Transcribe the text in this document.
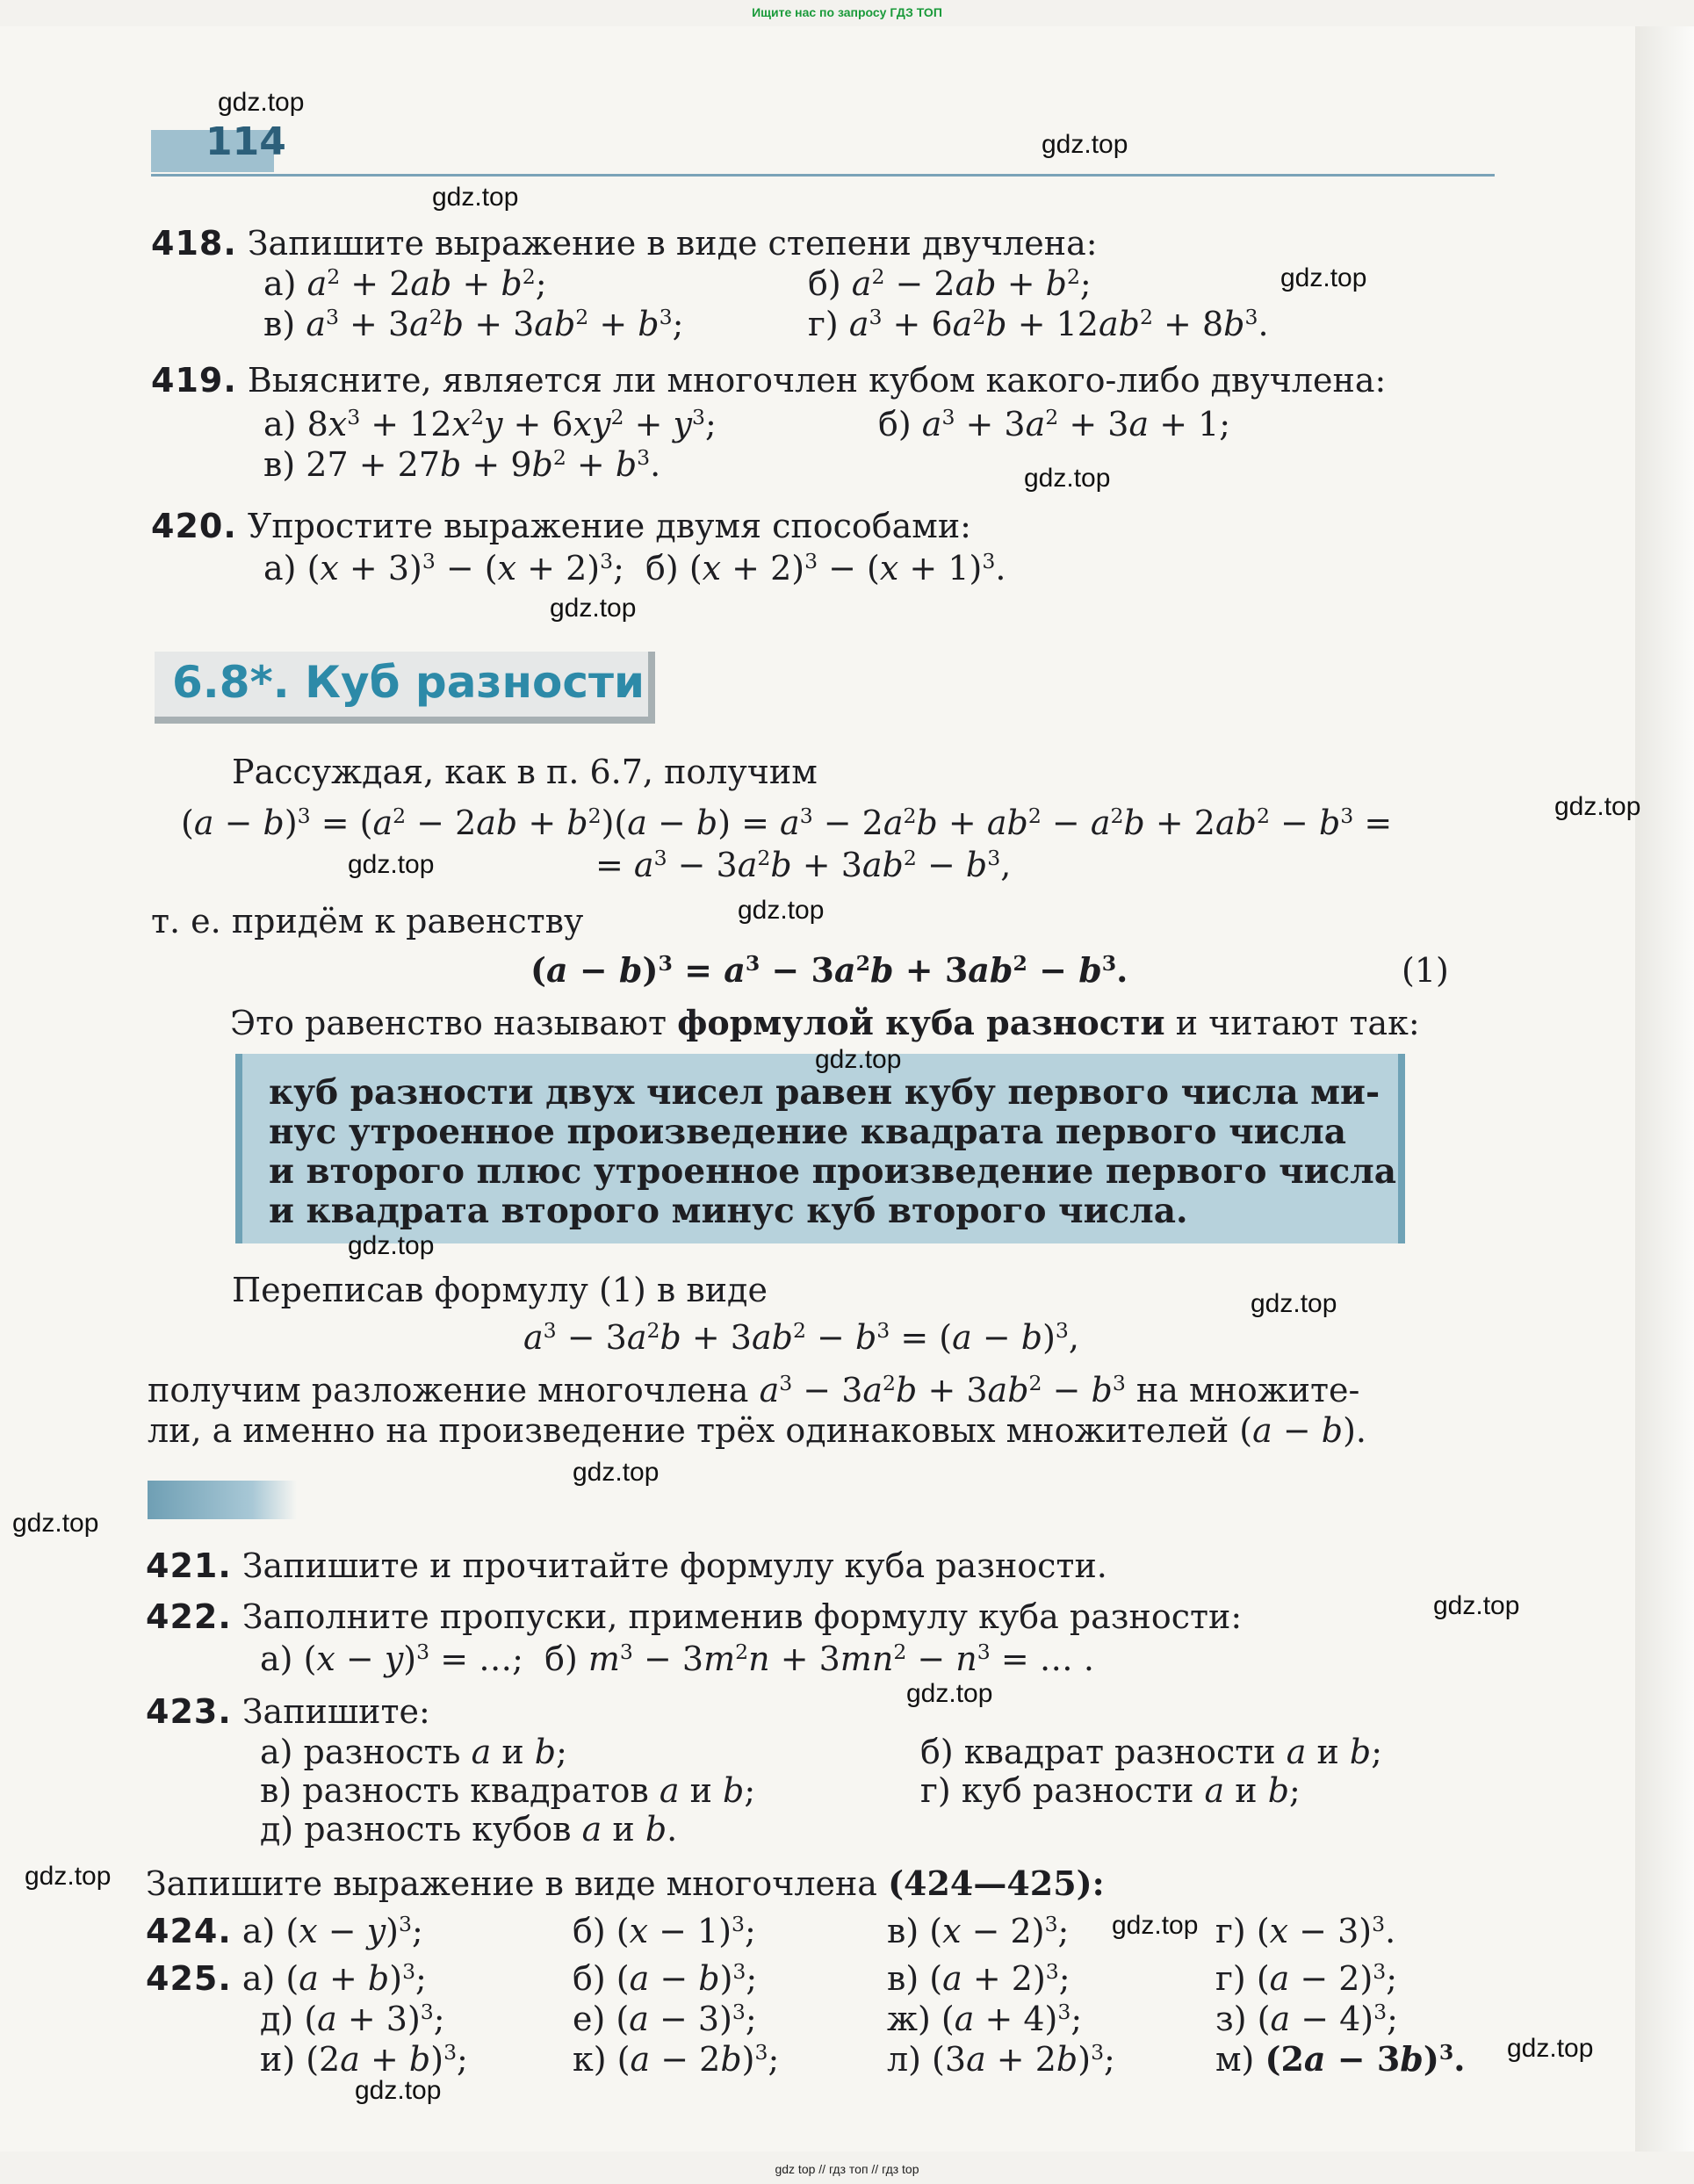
Ищите нас по запросу ГДЗ ТОП
114
418. Запишите выражение в виде степени двучлена:
а) $a^2 + 2ab + b^2$;	б) $a^2 - 2ab + b^2$;
в) $a^3 + 3a^2b + 3ab^2 + b^3$;	г) $a^3 + 6a^2b + 12ab^2 + 8b^3$.
419. Выясните, является ли многочлен кубом какого-либо двучлена:
а) $8x^3 + 12x^2y + 6xy^2 + y^3$;	б) $a^3 + 3a^2 + 3a + 1$;
в) $27 + 27b + 9b^2 + b^3$.
420. Упростите выражение двумя способами:
а) $(x + 3)^3 - (x + 2)^3$;  б) $(x + 2)^3 - (x + 1)^3$.
6.8*. Куб разности
Рассуждая, как в п. 6.7, получим
$(a - b)^3 = (a^2 - 2ab + b^2)(a - b) = a^3 - 2a^2b + ab^2 - a^2b + 2ab^2 - b^3$ =
= $a^3 - 3a^2b + 3ab^2 - b^3$,
т. е. придём к равенству
$(a - b)^3 = a^3 - 3a^2b + 3ab^2 - b^3$.	(1)
Это равенство называют формулой куба разности и читают так:
куб разности двух чисел равен кубу первого числа ми-
нус утроенное произведение квадрата первого числа
и второго плюс утроенное произведение первого числа
и квадрата второго минус куб второго числа.
Переписав формулу (1) в виде
$a^3 - 3a^2b + 3ab^2 - b^3 = (a - b)^3$,
получим разложение многочлена $a^3 - 3a^2b + 3ab^2 - b^3$ на множите-
ли, а именно на произведение трёх одинаковых множителей (a − b).
421. Запишите и прочитайте формулу куба разности.
422. Заполните пропуски, применив формулу куба разности:
а) $(x - y)^3$ = …;  б) $m^3 - 3m^2n + 3mn^2 - n^3$ = … .
423. Запишите:
а) разность a и b;	б) квадрат разности a и b;
в) разность квадратов a и b;	г) куб разности a и b;
д) разность кубов a и b.
Запишите выражение в виде многочлена (424—425):
424. а) $(x - y)^3$;	б) $(x - 1)^3$;	в) $(x - 2)^3$;	г) $(x - 3)^3$.
425. а) $(a + b)^3$;	б) $(a - b)^3$;	в) $(a + 2)^3$;	г) $(a - 2)^3$;
д) $(a + 3)^3$;	е) $(a - 3)^3$;	ж) $(a + 4)^3$;	з) $(a - 4)^3$;
и) $(2a + b)^3$;	к) $(a - 2b)^3$;	л) $(3a + 2b)^3$;	м) $(2a - 3b)^3$.
gdz.top
gdz.top
gdz.top
gdz.top
gdz.top
gdz.top
gdz.top
gdz.top
gdz.top
gdz.top
gdz.top
gdz.top
gdz.top
gdz.top
gdz.top
gdz.top
gdz.top
gdz.top
gdz.top
gdz.top
gdz top // гдз топ // гдз top
